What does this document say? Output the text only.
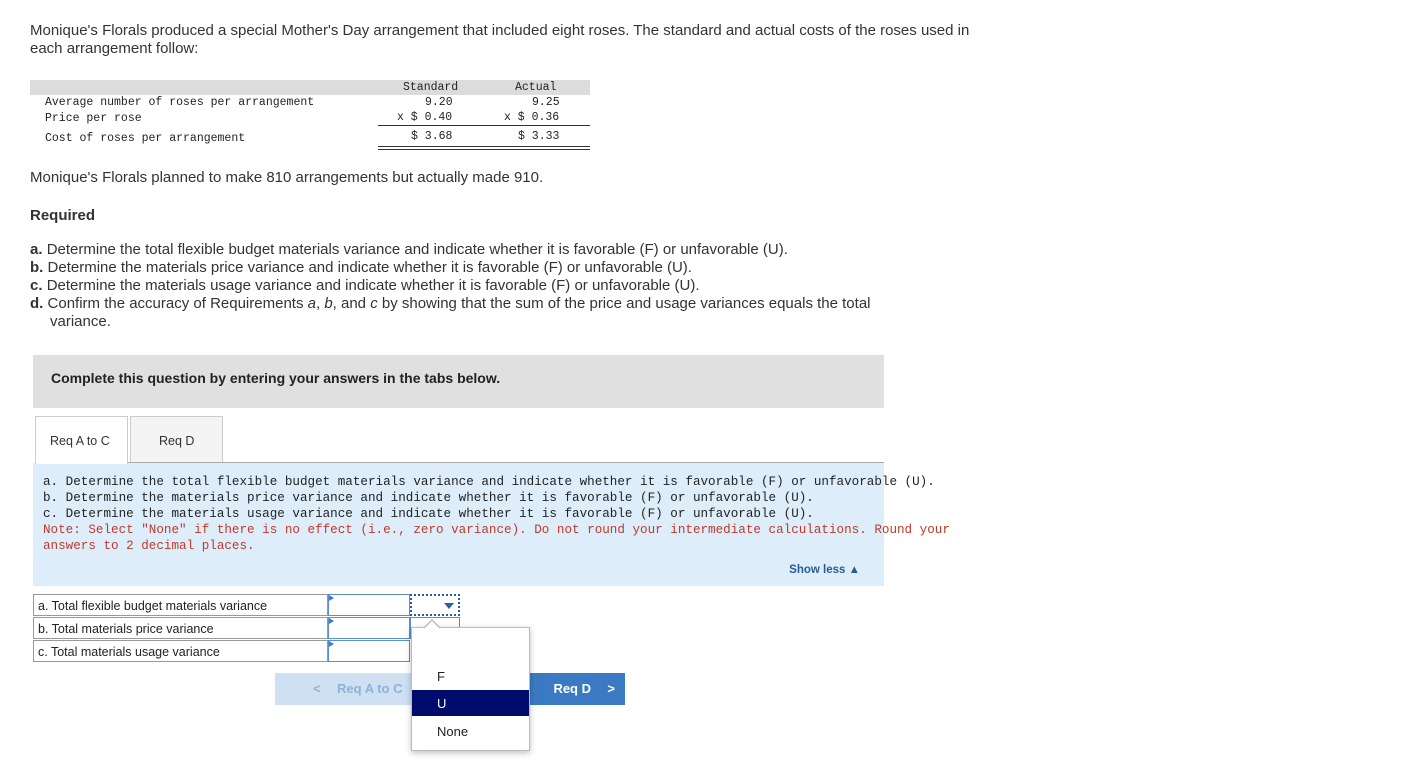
Monique's Florals produced a special Mother's Day arrangement that included eight roses. The standard and actual costs of the roses used in each arrangement follow:
Standard	Actual
Average number of roses per arrangement	9.20	9.25
Price per rose	x $ 0.40	x $ 0.36
Cost of roses per arrangement	$ 3.68	$ 3.33
Monique's Florals planned to make 810 arrangements but actually made 910.
Required
a. Determine the total flexible budget materials variance and indicate whether it is favorable (F) or unfavorable (U).
b. Determine the materials price variance and indicate whether it is favorable (F) or unfavorable (U).
c. Determine the materials usage variance and indicate whether it is favorable (F) or unfavorable (U).
d. Confirm the accuracy of Requirements a, b, and c by showing that the sum of the price and usage variances equals the total
variance.
Complete this question by entering your answers in the tabs below.
Req A to C	Req D
a. Determine the total flexible budget materials variance and indicate whether it is favorable (F) or unfavorable (U).
b. Determine the materials price variance and indicate whether it is favorable (F) or unfavorable (U).
c. Determine the materials usage variance and indicate whether it is favorable (F) or unfavorable (U).
Note: Select "None" if there is no effect (i.e., zero variance). Do not round your intermediate calculations. Round your
answers to 2 decimal places.
Show less ▲
a. Total flexible budget materials variance
b. Total materials price variance
c. Total materials usage variance
< Req A to C	Req D >
F
U
None
